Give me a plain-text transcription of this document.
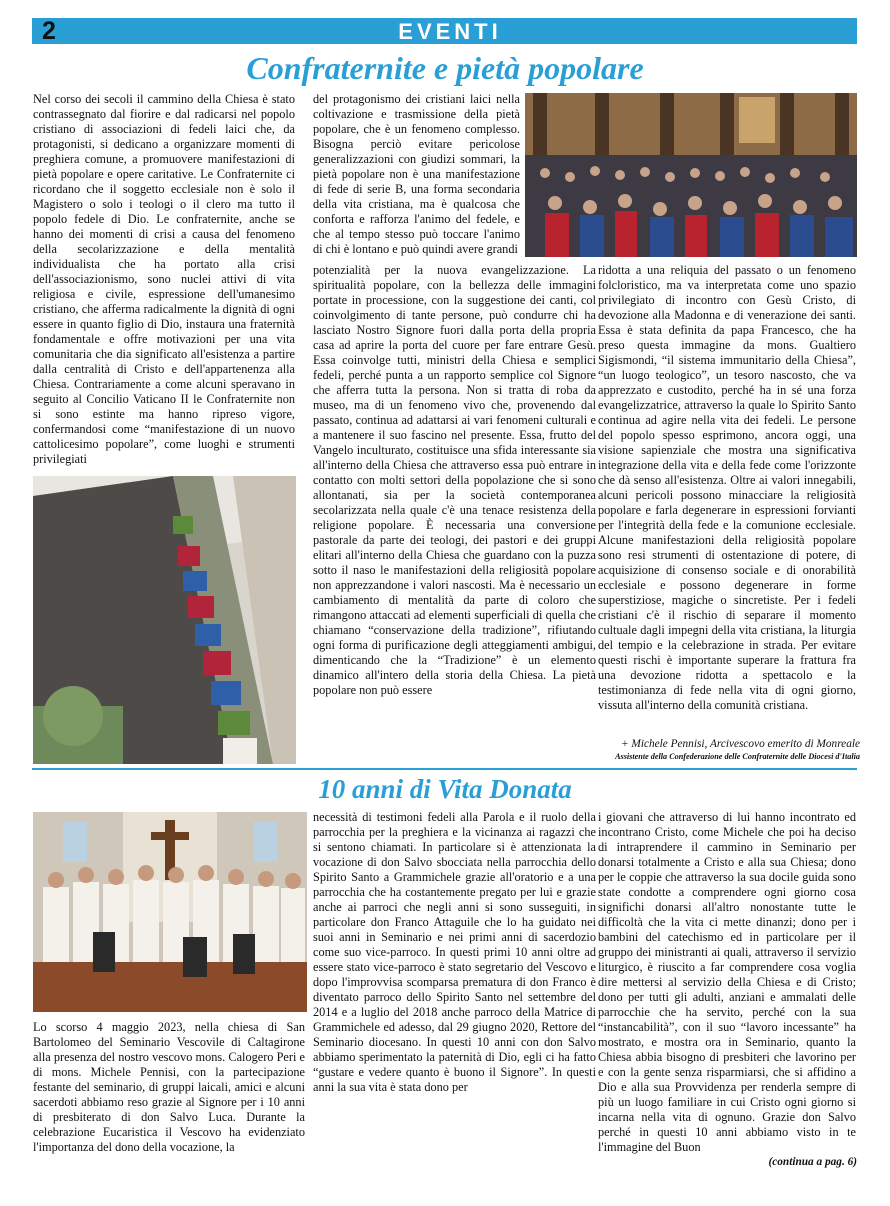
2	EVENTI
Confraternite e pietà popolare

Nel corso dei secoli il cammino della Chiesa è stato contrassegnato dal fiorire e dal radicarsi nel popolo cristiano di associazioni di fedeli laici che, da protagonisti, si dedicano a organizzare momenti di preghiera comune, a promuovere manifestazioni di pietà popolare e opere caritative. Le Confraternite ci ricordano che il soggetto ecclesiale non è solo il Magistero o solo i teologi o il clero ma tutto il popolo fedele di Dio. Le confraternite, anche se hanno dei momenti di crisi a causa del fenomeno della secolarizzazione e della mentalità individualista che ha portato alla crisi dell'associazionismo, sono nuclei attivi di vita religiosa e civile, espressione dell'umanesimo cristiano, che afferma radicalmente la dignità di ogni essere in quanto figlio di Dio, instaura una fraternità fondamentale e offre motivazioni per una vita comunitaria che dia significato all'esistenza a partire dalla centralità di Cristo e dell'appartenenza alla Chiesa. Contrariamente a come alcuni speravano in seguito al Concilio Vaticano II le Confraternite non si sono estinte ma hanno ripreso vigore, confermandosi come “manifestazione di un nuovo cattolicesimo popolare”, come luoghi e strumenti privilegiati

del protagonismo dei cristiani laici nella coltivazione e trasmissione della pietà popolare, che è un fenomeno complesso. Bisogna perciò evitare pericolose generalizzazioni con giudizi sommari, la pietà popolare non è una manifestazione di fede di serie B, una forma secondaria della vita cristiana, ma è qualcosa che conforta e rafforza l'animo del fedele, e che al tempo stesso può toccare l'animo di chi è lontano e può quindi avere grandi

potenzialità per la nuova evangelizzazione. La spiritualità popolare, con la bellezza delle immagini portate in processione, con la suggestione dei canti, col coinvolgimento di tante persone, può condurre chi ha lasciato Nostro Signore fuori dalla porta della propria casa ad aprire la porta del cuore per fare entrare Gesù. Essa coinvolge tutti, ministri della Chiesa e semplici fedeli, perché punta a un rapporto semplice col Signore che afferra tutta la persona. Non si tratta di roba da museo, ma di un fenomeno vivo che, provenendo dal passato, continua ad adattarsi ai vari fenomeni culturali e a mantenere il suo fascino nel presente. Essa, frutto del Vangelo inculturato, costituisce una sfida interessante sia all'interno della Chiesa che attraverso essa può entrare in contatto con molti settori della popolazione che si sono allontanati, sia per la società contemporanea secolarizzata nella quale c'è una tenace resistenza della religione popolare. È necessaria una conversione pastorale da parte dei teologi, dei pastori e dei gruppi elitari all'interno della Chiesa che guardano con la puzza sotto il naso le manifestazioni della religiosità popolare non apprezzandone i valori nascosti. Ma è necessario un cambiamento di mentalità da parte di coloro che rimangono attaccati ad elementi superficiali di quella che chiamano “conservazione della tradizione”, rifiutando ogni forma di purificazione degli atteggiamenti ambigui, dimenticando che la “Tradizione” è un elemento dinamico all'intero della storia della Chiesa. La pietà popolare non può essere

ridotta a una reliquia del passato o un fenomeno folcloristico, ma va interpretata come uno spazio privilegiato di incontro con Gesù Cristo, di devozione alla Madonna e di venerazione dei santi. Essa è stata definita da papa Francesco, che ha preso questa immagine da mons. Gualtiero Sigismondi, “il sistema immunitario della Chiesa”, “un luogo teologico”, un tesoro nascosto, che va apprezzato e custodito, perché ha in sé una forza evangelizzatrice, attraverso la quale lo Spirito Santo continua ad agire nella vita dei fedeli. Le persone del popolo spesso esprimono, ancora oggi, una visione sapienziale che mostra una significativa integrazione della vita e della fede come l'orizzonte che dà senso all'esistenza. Oltre ai valori innegabili, alcuni pericoli possono minacciare la religiosità popolare e farla degenerare in espressioni forvianti per l'integrità della fede e la comunione ecclesiale. Alcune manifestazioni della religiosità popolare sono resi strumenti di ostentazione di potere, di acquisizione di consenso sociale e di onorabilità ecclesiale e possono degenerare in forme superstiziose, magiche o sincretiste. Per i fedeli cristiani c'è il rischio di separare il momento cultuale dagli impegni della vita cristiana, la liturgia del tempio e la celebrazione in strada. Per evitare questi rischi è importante superare la frattura fra una devozione ridotta a spettacolo e la testimonianza di fede nella vita di ogni giorno, vissuta all'interno della comunità cristiana.

+ Michele Pennisi, Arcivescovo emerito di Monreale
Assistente della Confederazione delle Confraternite delle Diocesi d'Italia
10 anni di Vita Donata

Lo scorso 4 maggio 2023, nella chiesa di San Bartolomeo del Seminario Vescovile di Caltagirone alla presenza del nostro vescovo mons. Calogero Peri e di mons. Michele Pennisi, con la partecipazione festante del seminario, di gruppi laicali, amici e alcuni sacerdoti abbiamo reso grazie al Signore per i 10 anni di presbiterato di don Salvo Luca. Durante la celebrazione Eucaristica il Vescovo ha evidenziato l'importanza del dono della vocazione, la

necessità di testimoni fedeli alla Parola e il ruolo della parrocchia per la preghiera e la vicinanza ai ragazzi che si sentono chiamati. In particolare si è attenzionata la vocazione di don Salvo sbocciata nella parrocchia dello Spirito Santo a Grammichele grazie all'oratorio e a una parrocchia che ha costantemente pregato per lui e grazie anche ai parroci che negli anni si sono susseguiti, in particolare don Franco Attaguile che lo ha guidato nei suoi anni in Seminario e nei primi anni di sacerdozio come suo vice-parroco. In questi primi 10 anni oltre ad essere stato vice-parroco è stato segretario del Vescovo e dopo l'improvvisa scomparsa prematura di don Franco è diventato parroco dello Spirito Santo nel settembre del 2014 e a luglio del 2018 anche parroco della Matrice di Grammichele ed adesso, dal 29 giugno 2020, Rettore del Seminario diocesano. In questi 10 anni con don Salvo abbiamo sperimentato la paternità di Dio, egli ci ha fatto “gustare e vedere quanto è buono il Signore”. In questi anni la sua vita è stata dono per

i giovani che attraverso di lui hanno incontrato ed incontrano Cristo, come Michele che poi ha deciso di intraprendere il cammino in Seminario per donarsi totalmente a Cristo e alla sua Chiesa; dono per le coppie che attraverso la sua docile guida sono state condotte a comprendere ogni giorno cosa significhi donarsi all'altro nonostante tutte le difficoltà che la vita ci mette dinanzi; dono per i bambini del catechismo ed in particolare per il gruppo dei ministranti ai quali, attraverso il servizio liturgico, è riuscito a far comprendere cosa voglia dire mettersi al servizio della Chiesa e di Cristo; dono per tutti gli adulti, anziani e ammalati delle parrocchie che ha servito, perché con la sua “instancabilità”, con il suo “lavoro incessante” ha mostrato, e mostra ora in Seminario, quanto la Chiesa abbia bisogno di presbiteri che lavorino per e con la gente senza risparmiarsi, che si affidino a Dio e alla sua Provvidenza per renderla sempre di più un luogo familiare in cui Cristo ogni giorno si incarna nella vita di ognuno. Grazie don Salvo perché in questi 10 anni abbiamo visto in te l'immagine del Buon

(continua a pag. 6)
